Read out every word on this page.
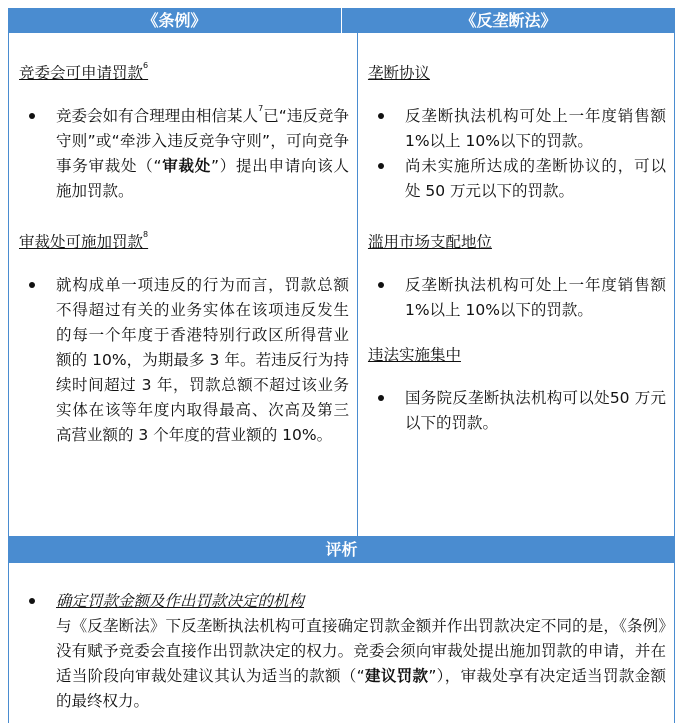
《条例》	《反垄断法》
竞委会可申请罚款$^6$
竞委会如有合理理由相信某人$^7$已“违反竞争守则”或“牵涉入违反竞争守则”，可向竞争事务审裁处（“审裁处”）提出申请向该人施加罚款。
审裁处可施加罚款$^8$
就构成单一项违反的行为而言，罚款总额不得超过有关的业务实体在该项违反发生的每一个年度于香港特别行政区所得营业额的 10%，为期最多 3 年。若违反行为持续时间超过 3 年，罚款总额不超过该业务实体在该等年度内取得最高、次高及第三高营业额的 3 个年度的营业额的 10%。
垄断协议
反垄断执法机构可处上一年度销售额 1%以上 10%以下的罚款。
尚未实施所达成的垄断协议的，可以处 50 万元以下的罚款。
滥用市场支配地位
反垄断执法机构可处上一年度销售额 1%以上 10%以下的罚款。
违法实施集中
国务院反垄断执法机构可以处50 万元以下的罚款。
评析
确定罚款金额及作出罚款决定的机构
与《反垄断法》下反垄断执法机构可直接确定罚款金额并作出罚款决定不同的是，《条例》没有赋予竞委会直接作出罚款决定的权力。竞委会须向审裁处提出施加罚款的申请，并在适当阶段向审裁处建议其认为适当的款额（“建议罚款”），审裁处享有决定适当罚款金额的最终权力。
